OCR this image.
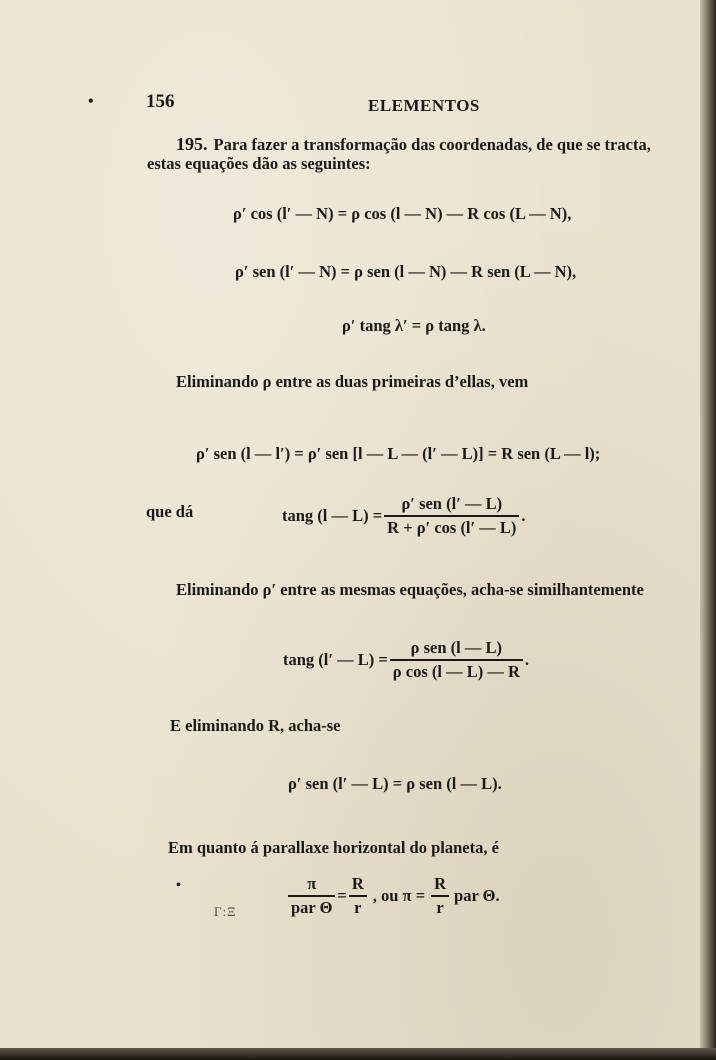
•	156	ELEMENTOS
195. Para fazer a transformação das coordenadas, de que se tracta,
estas equações dão as seguintes:
ρ′ cos (l′ — N) = ρ cos (l — N) — R cos (L — N),
ρ′ sen (l′ — N) = ρ sen (l — N) — R sen (L — N),
ρ′ tang λ′ = ρ tang λ.
Eliminando ρ entre as duas primeiras d’ellas, vem
ρ′ sen (l — l′) = ρ′ sen [l — L — (l′ — L)] = R sen (L — l);
que dá	tang (l — $L) = \frac{\text{ρ′ sen (l′ — L)}}{R + \rho' \cos (l' — L)}$ .
Eliminando ρ′ entre as mesmas equações, acha-se similhantemente
tang (l′ — $L) = \frac{\text{ρ sen (l — L)}}{\text{ρ cos (l — L) — R}}$ .
E eliminando R, acha-se
ρ′ sen (l′ — L) = ρ sen (l — L).
Em quanto á parallaxe horizontal do planeta, é
•	$\frac{\pi}{\text{par Θ}} = \frac{R}{r}$ , ou $\pi = \frac{R}{r}$ par Θ.
Γ:Ξ
